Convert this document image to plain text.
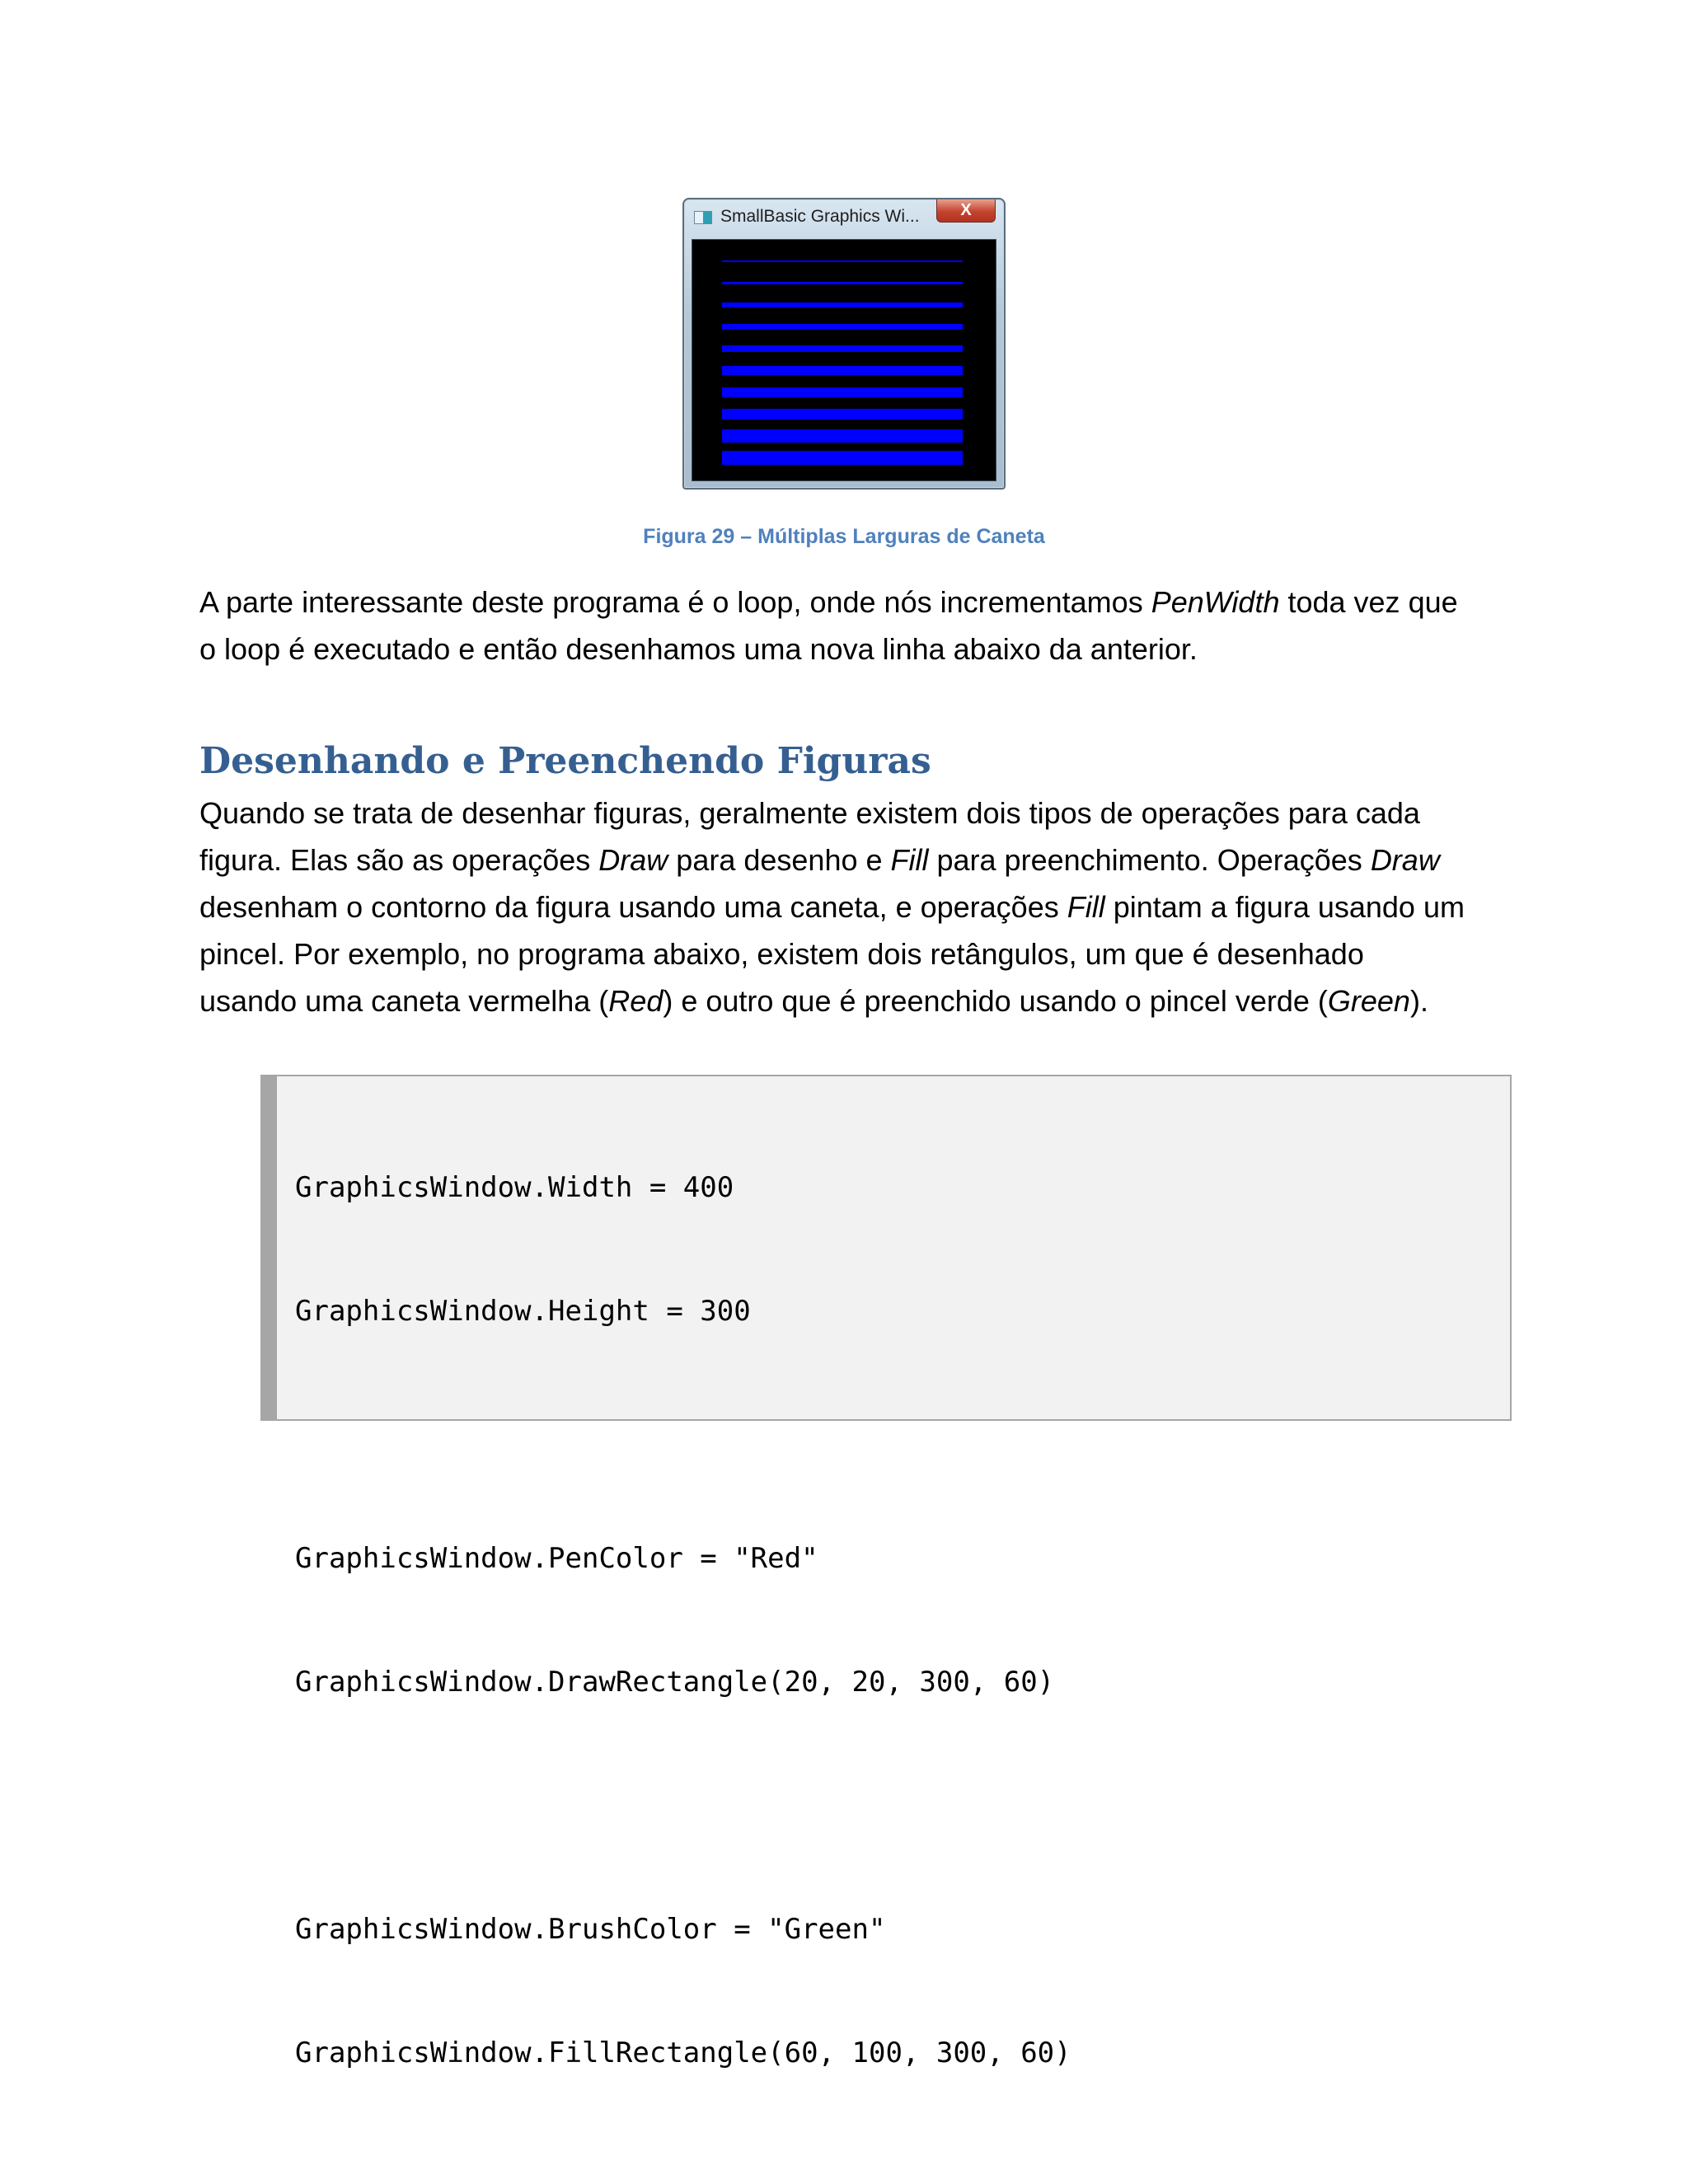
SmallBasic Graphics Wi...	X
Figura 29 – Múltiplas Larguras de Caneta

A parte interessante deste programa é o loop, onde nós incrementamos PenWidth toda vez que
o loop é executado e então desenhamos uma nova linha abaixo da anterior.

Desenhando e Preenchendo Figuras

Quando se trata de desenhar figuras, geralmente existem dois tipos de operações para cada
figura. Elas são as operações Draw para desenho e Fill para preenchimento. Operações Draw
desenham o contorno da figura usando uma caneta, e operações Fill pintam a figura usando um
pincel. Por exemplo, no programa abaixo, existem dois retângulos, um que é desenhado
usando uma caneta vermelha (Red) e outro que é preenchido usando o pincel verde (Green).

GraphicsWindow.Width = 400

GraphicsWindow.Height = 300

GraphicsWindow.PenColor = "Red"

GraphicsWindow.DrawRectangle(20, 20, 300, 60)

GraphicsWindow.BrushColor = "Green"

GraphicsWindow.FillRectangle(60, 100, 300, 60)
